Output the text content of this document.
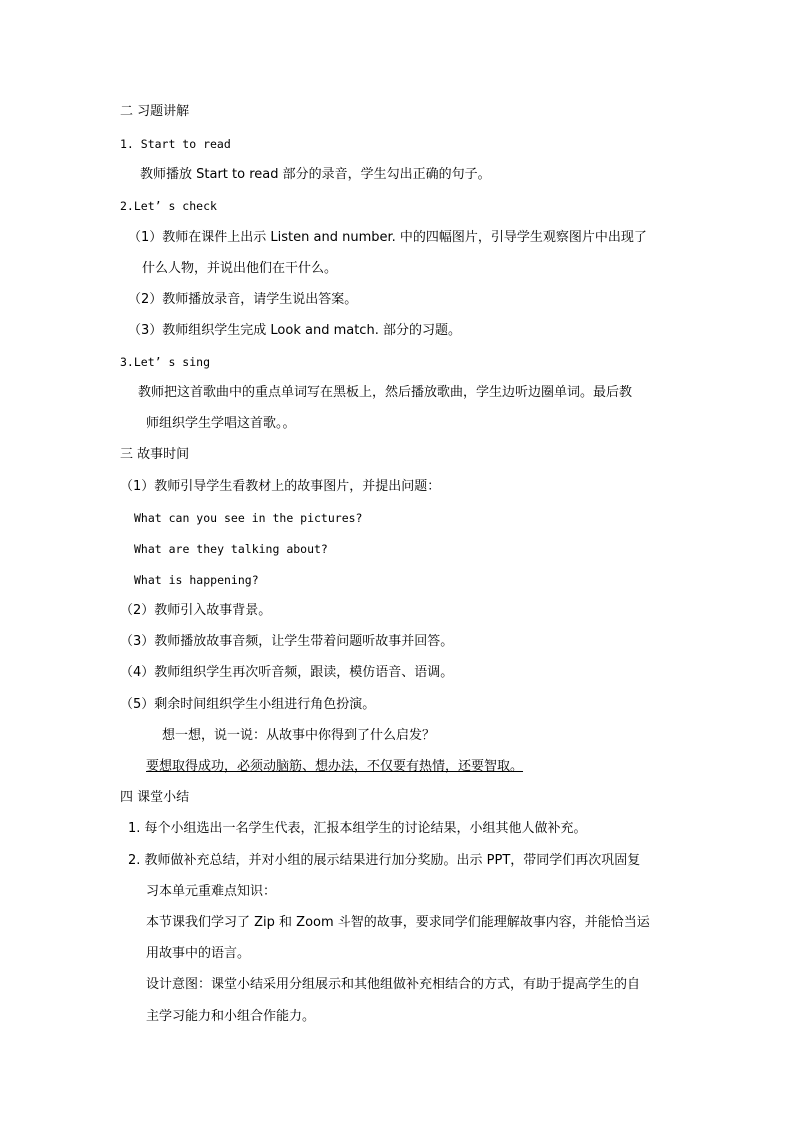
二 习题讲解
1. Start to read
教师播放 Start to read 部分的录音，学生勾出正确的句子。
2.Let’ s check
（1）教师在课件上出示 Listen and number. 中的四幅图片，引导学生观察图片中出现了
什么人物，并说出他们在干什么。
（2）教师播放录音，请学生说出答案。
（3）教师组织学生完成 Look and match. 部分的习题。
3.Let’ s sing
教师把这首歌曲中的重点单词写在黑板上，然后播放歌曲，学生边听边圈单词。最后教
师组织学生学唱这首歌。。
三 故事时间
（1）教师引导学生看教材上的故事图片，并提出问题：
What can you see in the pictures?
What are they talking about?
What is happening?
（2）教师引入故事背景。
（3）教师播放故事音频，让学生带着问题听故事并回答。
（4）教师组织学生再次听音频，跟读，模仿语音、语调。
（5）剩余时间组织学生小组进行角色扮演。
想一想，说一说：从故事中你得到了什么启发？
要想取得成功，必须动脑筋、想办法，不仅要有热情，还要智取。
四 课堂小结
1. 每个小组选出一名学生代表，汇报本组学生的讨论结果，小组其他人做补充。
2. 教师做补充总结，并对小组的展示结果进行加分奖励。出示 PPT，带同学们再次巩固复
习本单元重难点知识：
本节课我们学习了 Zip 和 Zoom 斗智的故事，要求同学们能理解故事内容，并能恰当运
用故事中的语言。
设计意图：课堂小结采用分组展示和其他组做补充相结合的方式，有助于提高学生的自
主学习能力和小组合作能力。
